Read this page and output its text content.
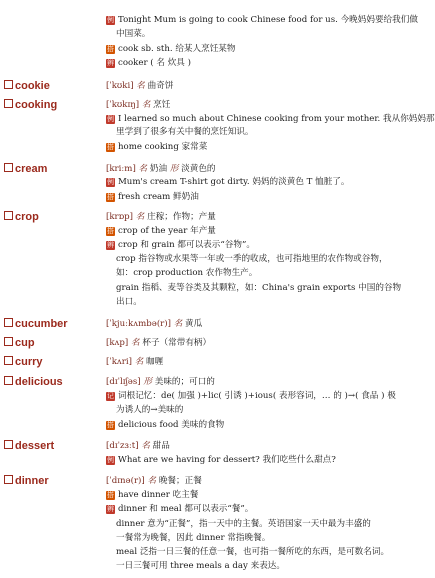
cookie
cooking
cream
crop
cucumber
cup
curry
delicious
dessert
dinner
例 Tonight Mum is going to cook Chinese food for us. 今晚妈妈要给我们做
中国菜。
搭 cook sb. sth. 给某人烹饪某物
辨 cooker ( 名 炊具 )
[ˈkʊki] 名 曲奇饼
[ˈkʊkɪŋ] 名 烹饪
例 I learned so much about Chinese cooking from your mother. 我从你妈妈那
里学到了很多有关中餐的烹饪知识。
搭 home cooking 家常菜
[kriːm] 名 奶油 形 淡黄色的
例 Mum's cream T-shirt got dirty. 妈妈的淡黄色 T 恤脏了。
搭 fresh cream 鲜奶油
[krɒp] 名 庄稼；作物；产量
搭 crop of the year 年产量
辨 crop 和 grain 都可以表示“谷物”。
crop 指谷物或水果等一年或一季的收成，也可指地里的农作物或谷物，
如：crop production 农作物生产。
grain 指稻、麦等谷类及其颗粒，如：China's grain exports 中国的谷物
出口。
[ˈkjuːkʌmbə(r)] 名 黄瓜
[kʌp] 名 杯子（常带有柄）
[ˈkʌri] 名 咖喱
[dɪˈlɪʃəs] 形 美味的；可口的
记 词根记忆：de( 加强 )+lic( 引诱 )+ious( 表形容词，… 的 )→( 食品 ) 极
为诱人的→美味的
搭 delicious food 美味的食物
[dɪˈzɜːt] 名 甜品
例 What are we having for dessert? 我们吃些什么甜点?
[ˈdɪnə(r)] 名 晚餐；正餐
搭 have dinner 吃主餐
辨 dinner 和 meal 都可以表示“餐”。
dinner 意为“正餐”，指一天中的主餐。英语国家一天中最为丰盛的
一餐常为晚餐，因此 dinner 常指晚餐。
meal 泛指一日三餐的任意一餐，也可指一餐所吃的东西，是可数名词。
一日三餐可用 three meals a day 来表达。
